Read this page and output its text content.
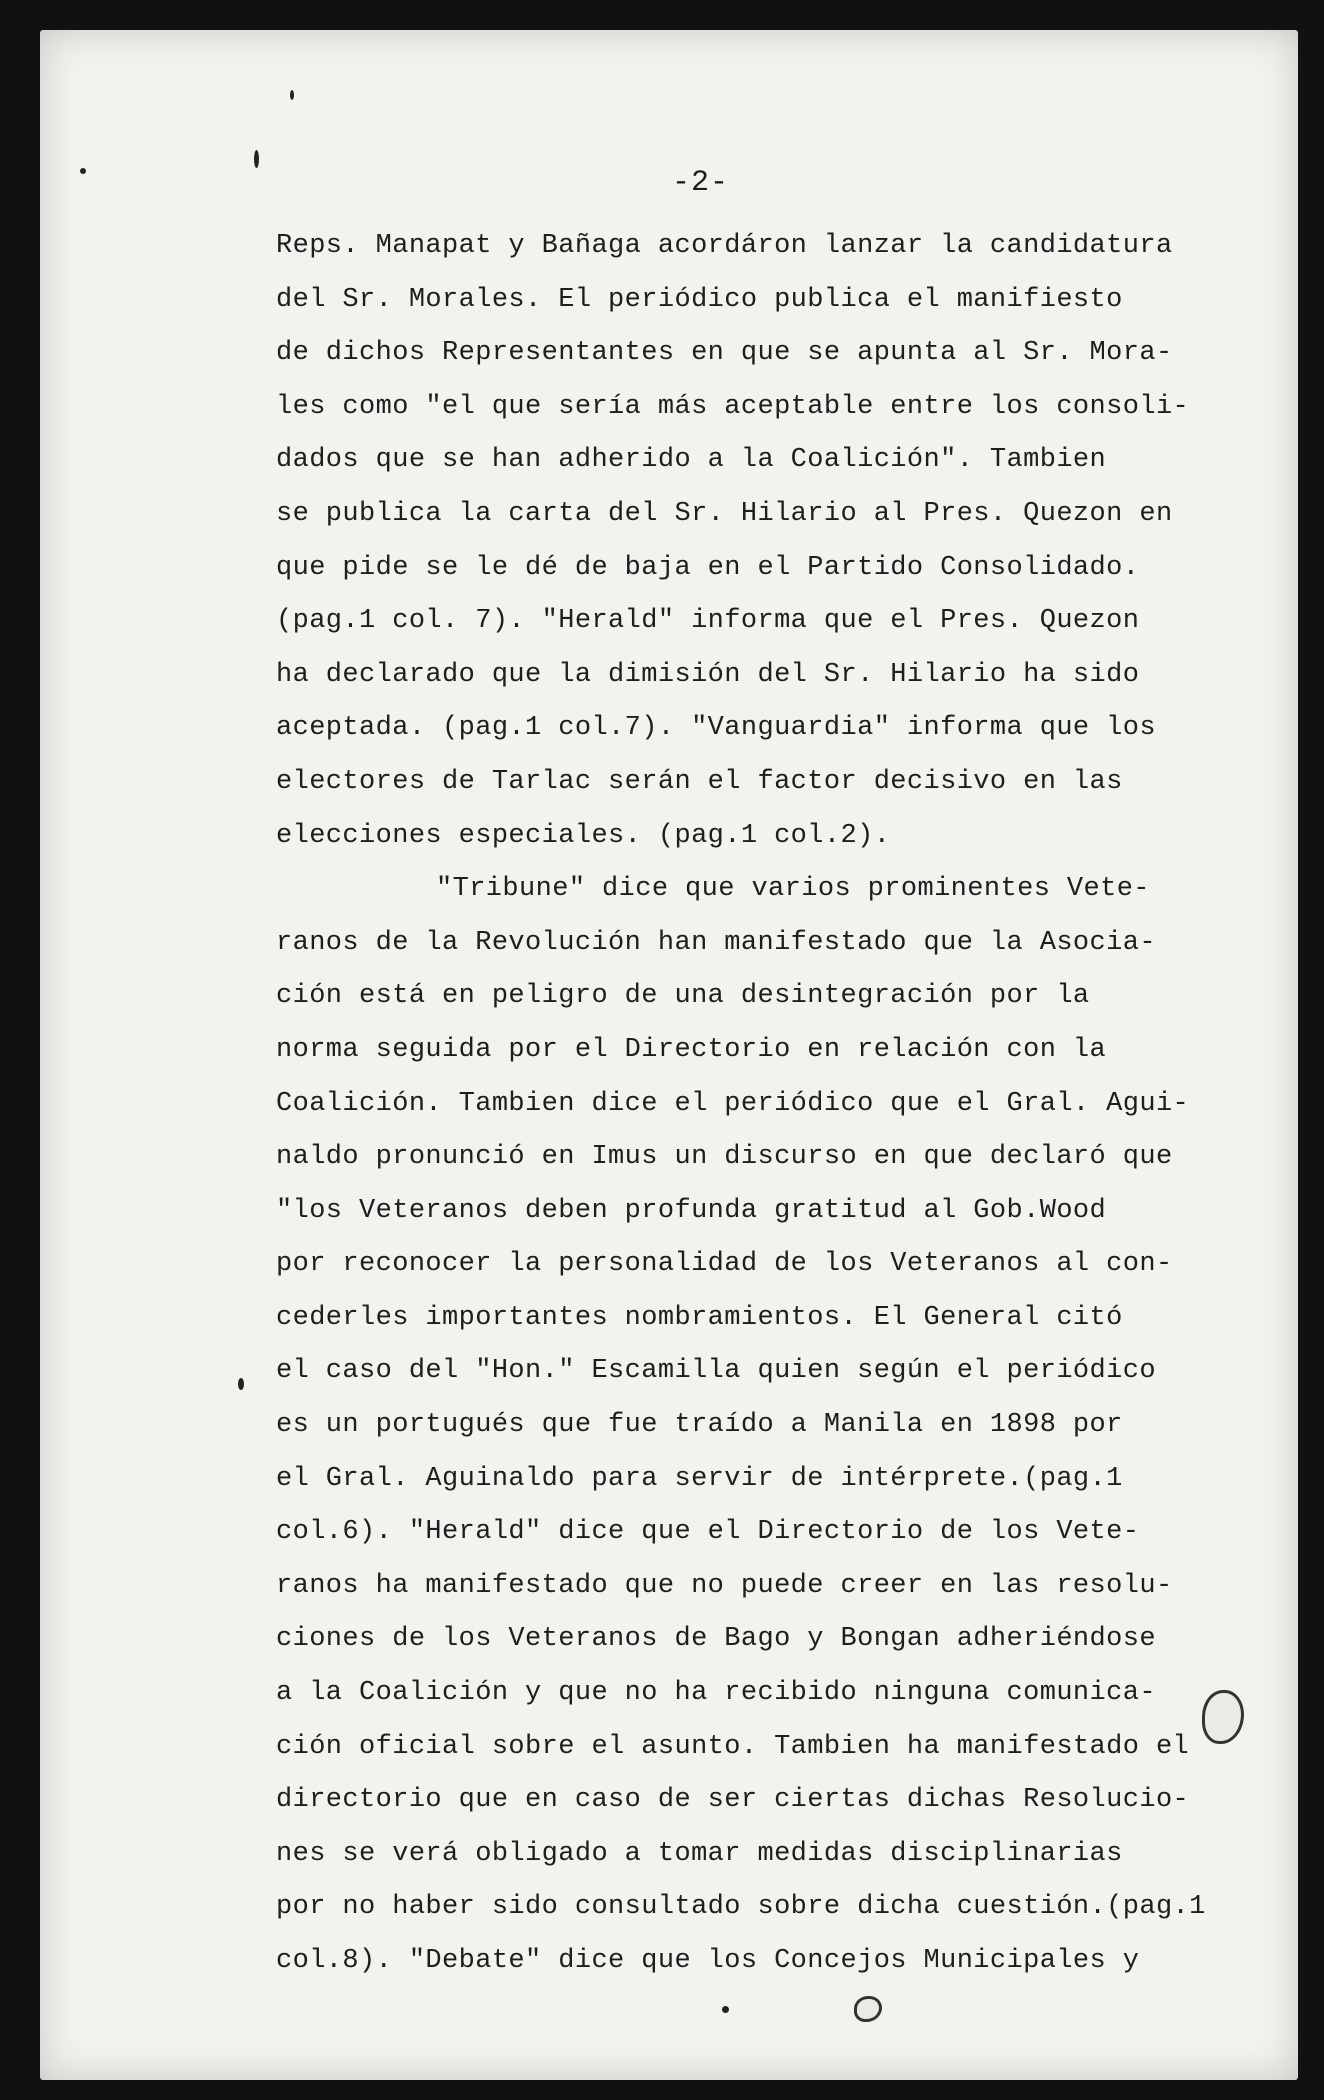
-2-
Reps. Manapat y Bañaga acordáron lanzar la candidatura
del Sr. Morales. El periódico publica el manifiesto
de dichos Representantes en que se apunta al Sr. Mora-
les como "el que sería más aceptable entre los consoli-
dados que se han adherido a la Coalición". Tambien
se publica la carta del Sr. Hilario al Pres. Quezon en
que pide se le dé de baja en el Partido Consolidado.
(pag.1 col. 7). "Herald" informa que el Pres. Quezon
ha declarado que la dimisión del Sr. Hilario ha sido
aceptada. (pag.1 col.7). "Vanguardia" informa que los
electores de Tarlac serán el factor decisivo en las
elecciones especiales. (pag.1 col.2).
"Tribune" dice que varios prominentes Vete-
ranos de la Revolución han manifestado que la Asocia-
ción está en peligro de una desintegración por la
norma seguida por el Directorio en relación con la
Coalición. Tambien dice el periódico que el Gral. Agui-
naldo pronunció en Imus un discurso en que declaró que
"los Veteranos deben profunda gratitud al Gob.Wood
por reconocer la personalidad de los Veteranos al con-
cederles importantes nombramientos. El General citó
el caso del "Hon." Escamilla quien según el periódico
es un portugués que fue traído a Manila en 1898 por
el Gral. Aguinaldo para servir de intérprete.(pag.1
col.6). "Herald" dice que el Directorio de los Vete-
ranos ha manifestado que no puede creer en las resolu-
ciones de los Veteranos de Bago y Bongan adheriéndose
a la Coalición y que no ha recibido ninguna comunica-
ción oficial sobre el asunto. Tambien ha manifestado el
directorio que en caso de ser ciertas dichas Resolucio-
nes se verá obligado a tomar medidas disciplinarias
por no haber sido consultado sobre dicha cuestión.(pag.1
col.8). "Debate" dice que los Concejos Municipales y
